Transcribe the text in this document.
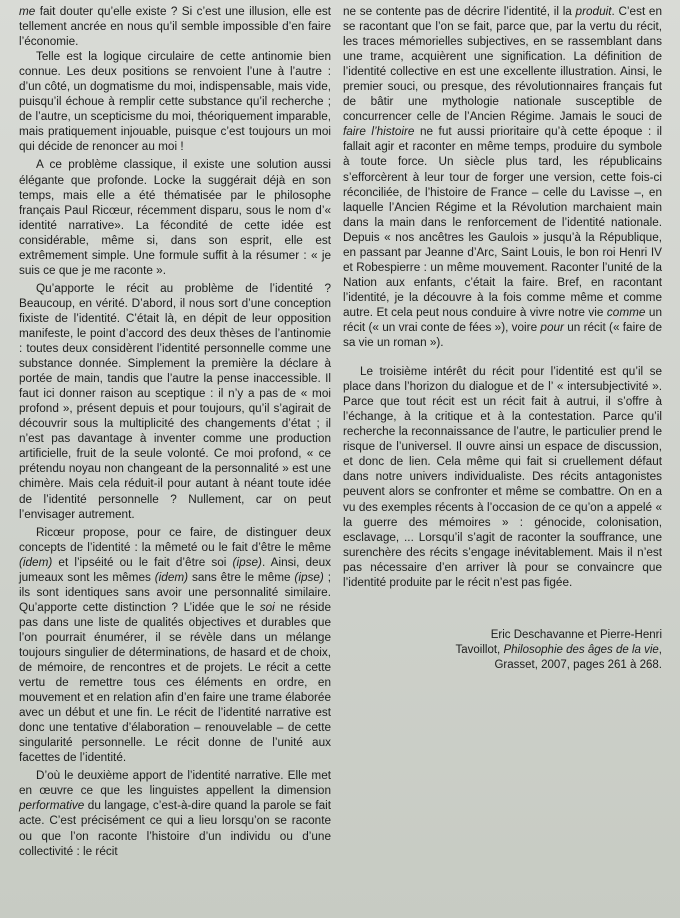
me fait douter qu’elle existe ? Si c’est une illusion, elle est tellement ancrée en nous qu’il semble impossible d’en faire l’économie.

Telle est la logique circulaire de cette antinomie bien connue. Les deux positions se renvoient l’une à l’autre : d’un côté, un dogmatisme du moi, indispensable, mais vide, puisqu’il échoue à remplir cette substance qu’il recherche ; de l’autre, un scepticisme du moi, théoriquement imparable, mais pratiquement injouable, puisque c’est toujours un moi qui décide de renoncer au moi !

A ce problème classique, il existe une solution aussi élégante que profonde. Locke la suggérait déjà en son temps, mais elle a été thématisée par le philosophe français Paul Ricœur, récemment disparu, sous le nom d’« identité narrative». La fécondité de cette idée est considérable, même si, dans son esprit, elle est extrêmement simple. Une formule suffit à la résumer : « je suis ce que je me raconte ».

Qu’apporte le récit au problème de l’identité ? Beaucoup, en vérité. D’abord, il nous sort d’une conception fixiste de l’identité. C’était là, en dépit de leur opposition manifeste, le point d’accord des deux thèses de l’antinomie : toutes deux considèrent l’identité personnelle comme une substance donnée. Simplement la première la déclare à portée de main, tandis que l’autre la pense inaccessible. Il faut ici donner raison au sceptique : il n’y a pas de « moi profond », présent depuis et pour toujours, qu’il s’agirait de découvrir sous la multiplicité des changements d’état ; il n’est pas davantage à inventer comme une production artificielle, fruit de la seule volonté. Ce moi profond, « ce prétendu noyau non changeant de la personnalité » est une chimère. Mais cela réduit-il pour autant à néant toute idée de l’identité personnelle ? Nullement, car on peut l’envisager autrement.

Ricœur propose, pour ce faire, de distinguer deux concepts de l’identité : la mêmeté ou le fait d’être le même (idem) et l’ipséité ou le fait d’être soi (ipse). Ainsi, deux jumeaux sont les mêmes (idem) sans être le même (ipse) ; ils sont identiques sans avoir une personnalité similaire. Qu’apporte cette distinction ? L’idée que le soi ne réside pas dans une liste de qualités objectives et durables que l’on pourrait énumérer, il se révèle dans un mélange toujours singulier de déterminations, de hasard et de choix, de mémoire, de rencontres et de projets. Le récit a cette vertu de remettre tous ces éléments en ordre, en mouvement et en relation afin d’en faire une trame élaborée avec un début et une fin. Le récit de l’identité narrative est donc une tentative d’élaboration – renouvelable – de cette singularité personnelle. Le récit donne de l’unité aux facettes de l’identité.

D’où le deuxième apport de l’identité narrative. Elle met en œuvre ce que les linguistes appellent la dimension performative du langage, c’est-à-dire quand la parole se fait acte. C’est précisément ce qui a lieu lorsqu’on se raconte ou que l’on raconte l’histoire d’un individu ou d’une collectivité : le récit

ne se contente pas de décrire l’identité, il la produit. C’est en se racontant que l’on se fait, parce que, par la vertu du récit, les traces mémorielles subjectives, en se rassemblant dans une trame, acquièrent une signification. La définition de l’identité collective en est une excellente illustration. Ainsi, le premier souci, ou presque, des révolutionnaires français fut de bâtir une mythologie nationale susceptible de concurrencer celle de l’Ancien Régime. Jamais le souci de faire l’histoire ne fut aussi prioritaire qu’à cette époque : il fallait agir et raconter en même temps, produire du symbole à toute force. Un siècle plus tard, les républicains s’efforcèrent à leur tour de forger une version, cette fois-ci réconciliée, de l’histoire de France – celle du Lavisse –, en laquelle l’Ancien Régime et la Révolution marchaient main dans la main dans le renforcement de l’identité nationale. Depuis « nos ancêtres les Gaulois » jusqu’à la République, en passant par Jeanne d’Arc, Saint Louis, le bon roi Henri IV et Robespierre : un même mouvement. Raconter l’unité de la Nation aux enfants, c’était la faire. Bref, en racontant l’identité, je la découvre à la fois comme même et comme autre. Et cela peut nous conduire à vivre notre vie comme un récit (« un vrai conte de fées »), voire pour un récit (« faire de sa vie un roman »).

Le troisième intérêt du récit pour l’identité est qu’il se place dans l’horizon du dialogue et de l’ « intersubjectivité ». Parce que tout récit est un récit fait à autrui, il s’offre à l’échange, à la critique et à la contestation. Parce qu’il recherche la reconnaissance de l’autre, le particulier prend le risque de l’universel. Il ouvre ainsi un espace de discussion, et donc de lien. Cela même qui fait si cruellement défaut dans notre univers individualiste. Des récits antagonistes peuvent alors se confronter et même se combattre. On en a vu des exemples récents à l’occasion de ce qu’on a appelé « la guerre des mémoires » : génocide, colonisation, esclavage, ... Lorsqu’il s’agit de raconter la souffrance, une surenchère des récits s’engage inévitablement. Mais il n’est pas nécessaire d’en arriver là pour se convaincre que l’identité produite par le récit n’est pas figée.

Eric Deschavanne et Pierre-Henri
Tavoillot, Philosophie des âges de la vie,
Grasset, 2007, pages 261 à 268.
